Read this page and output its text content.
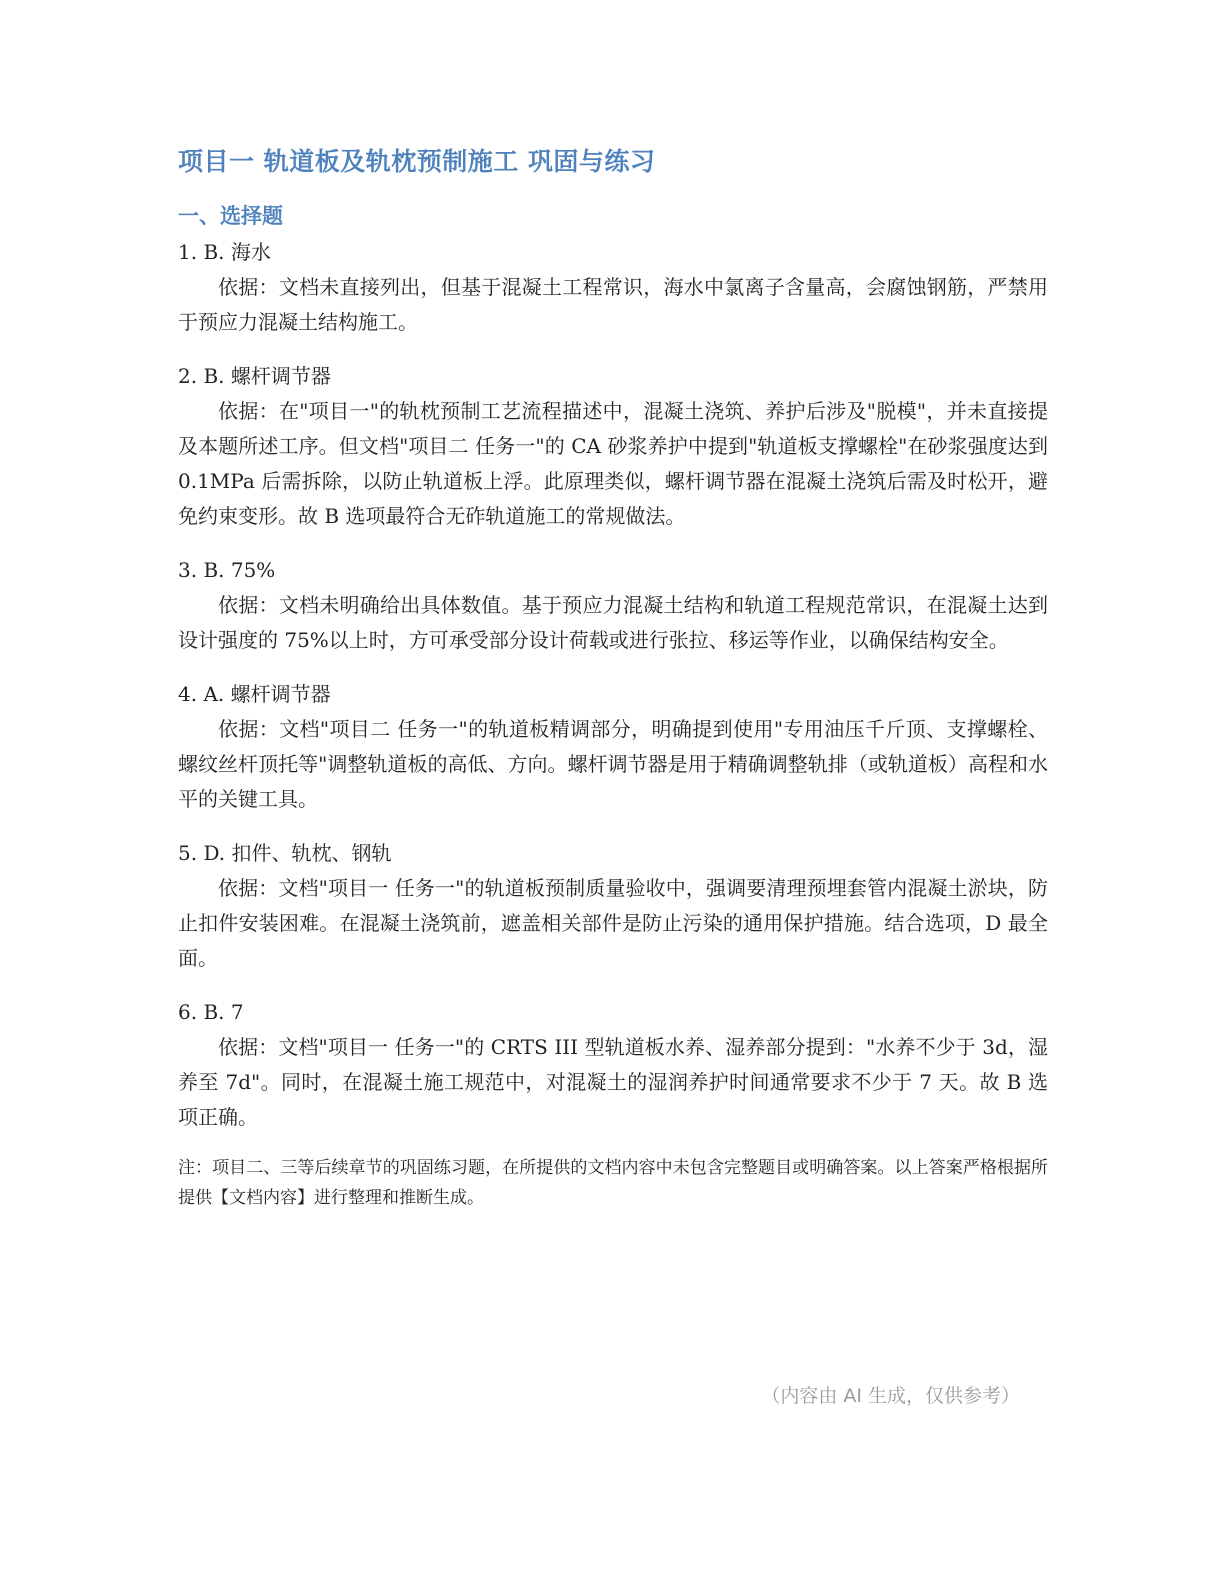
项目一 轨道板及轨枕预制施工 巩固与练习
一、选择题

1. B. 海水

依据：文档未直接列出，但基于混凝土工程常识，海水中氯离子含量高，会腐蚀钢筋，严禁用于预应力混凝土结构施工。

2. B. 螺杆调节器

依据：在"项目一"的轨枕预制工艺流程描述中，混凝土浇筑、养护后涉及"脱模"，并未直接提及本题所述工序。但文档"项目二 任务一"的 CA 砂浆养护中提到"轨道板支撑螺栓"在砂浆强度达到 0.1MPa 后需拆除，以防止轨道板上浮。此原理类似，螺杆调节器在混凝土浇筑后需及时松开，避免约束变形。故 B 选项最符合无砟轨道施工的常规做法。

3. B. 75%

依据：文档未明确给出具体数值。基于预应力混凝土结构和轨道工程规范常识，在混凝土达到设计强度的 75%以上时，方可承受部分设计荷载或进行张拉、移运等作业，以确保结构安全。

4. A. 螺杆调节器

依据：文档"项目二 任务一"的轨道板精调部分，明确提到使用"专用油压千斤顶、支撑螺栓、螺纹丝杆顶托等"调整轨道板的高低、方向。螺杆调节器是用于精确调整轨排（或轨道板）高程和水平的关键工具。

5. D. 扣件、轨枕、钢轨

依据：文档"项目一 任务一"的轨道板预制质量验收中，强调要清理预埋套管内混凝土淤块，防止扣件安装困难。在混凝土浇筑前，遮盖相关部件是防止污染的通用保护措施。结合选项，D 最全面。

6. B. 7

依据：文档"项目一 任务一"的 CRTS III 型轨道板水养、湿养部分提到："水养不少于 3d，湿养至 7d"。同时，在混凝土施工规范中，对混凝土的湿润养护时间通常要求不少于 7 天。故 B 选项正确。

注：项目二、三等后续章节的巩固练习题，在所提供的文档内容中未包含完整题目或明确答案。以上答案严格根据所提供【文档内容】进行整理和推断生成。

（内容由 AI 生成，仅供参考）
